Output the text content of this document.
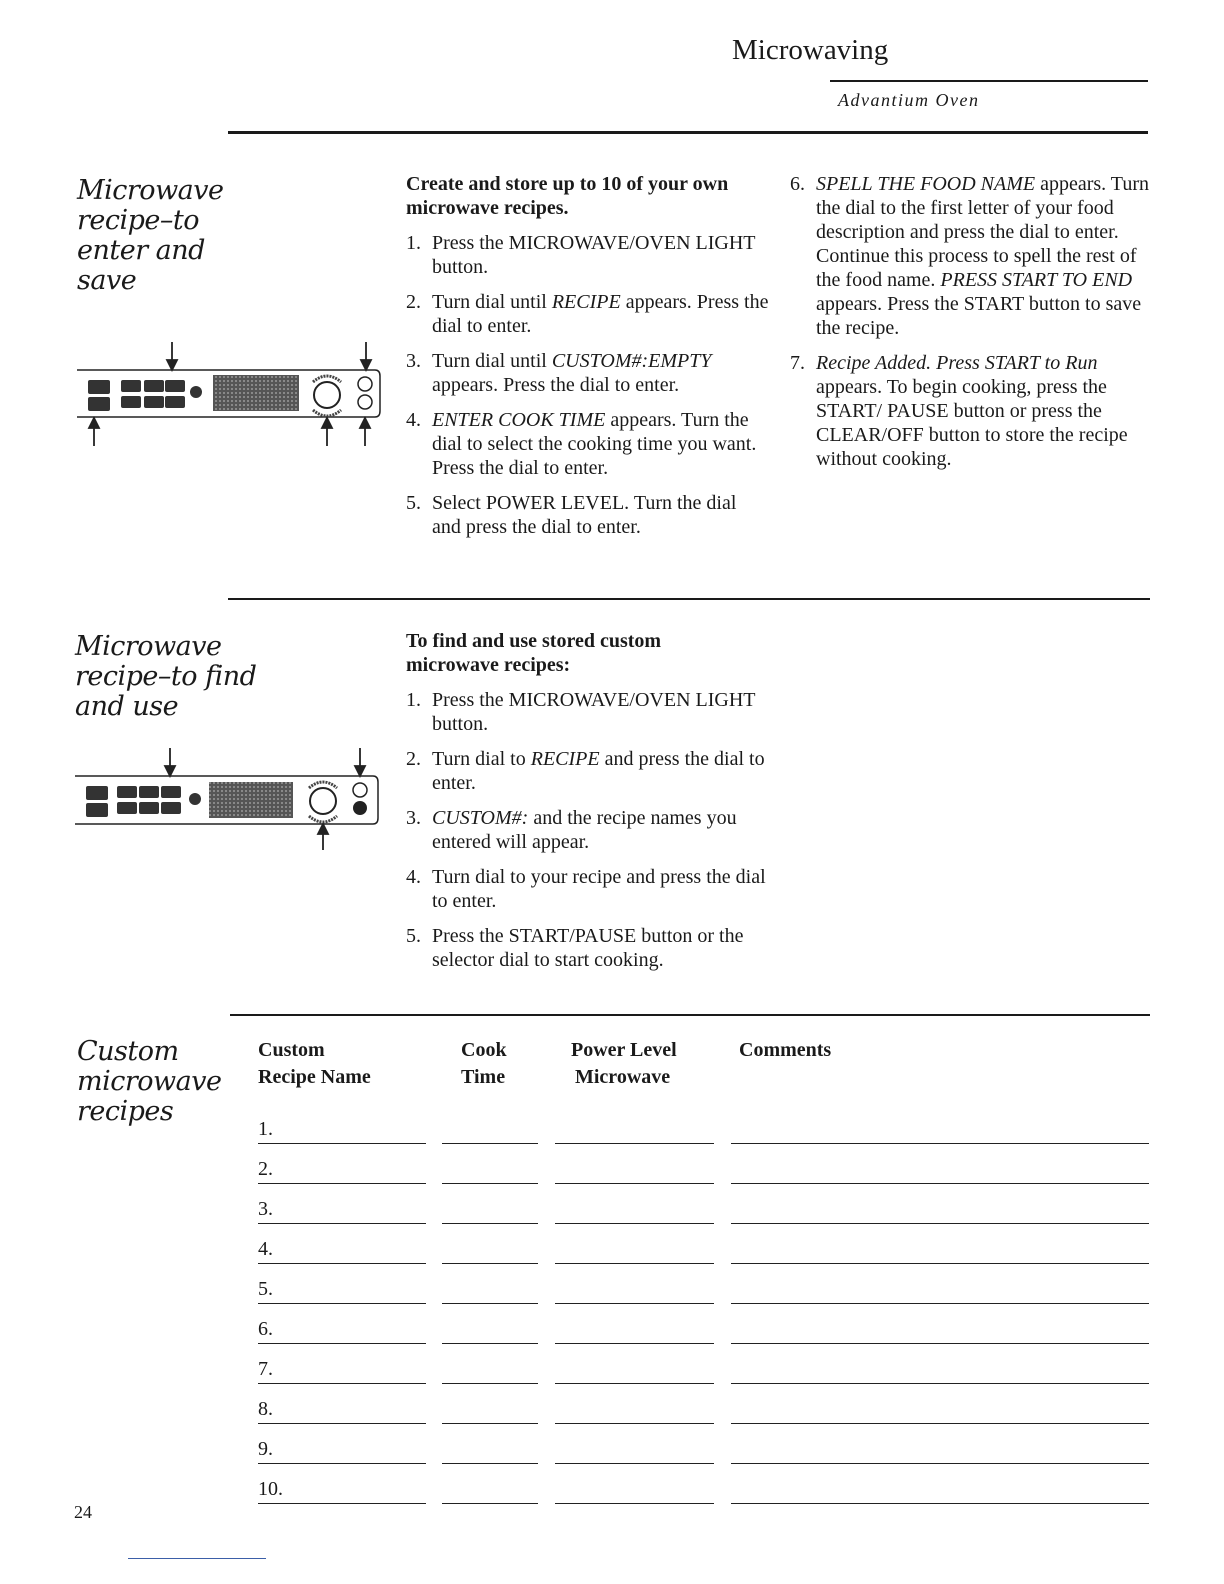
Microwaving
Advantium Oven
Microwave
recipe–to
enter and
save
Create and store up to 10 of your own microwave recipes.
1. Press the MICROWAVE/OVEN LIGHT button.
2. Turn dial until RECIPE appears. Press the dial to enter.
3. Turn dial until CUSTOM#:EMPTY appears. Press the dial to enter.
4. ENTER COOK TIME appears. Turn the dial to select the cooking time you want. Press the dial to enter.
5. Select POWER LEVEL. Turn the dial and press the dial to enter.
6. SPELL THE FOOD NAME appears. Turn the dial to the first letter of your food description and press the dial to enter. Continue this process to spell the rest of the food name. PRESS START TO END appears. Press the START button to save the recipe.
7. Recipe Added. Press START to Run appears. To begin cooking, press the START/ PAUSE button or press the CLEAR/OFF button to store the recipe without cooking.
Microwave
recipe–to find
and use
To find and use stored custom microwave recipes:
1. Press the MICROWAVE/OVEN LIGHT button.
2. Turn dial to RECIPE and press the dial to enter.
3. CUSTOM#: and the recipe names you entered will appear.
4. Turn dial to your recipe and press the dial to enter.
5. Press the START/PAUSE button or the selector dial to start cooking.
Custom
microwave
recipes
Custom
Recipe Name
Cook
Time
Power Level
Microwave
Comments
1.
2.
3.
4.
5.
6.
7.
8.
9.
10.
24
